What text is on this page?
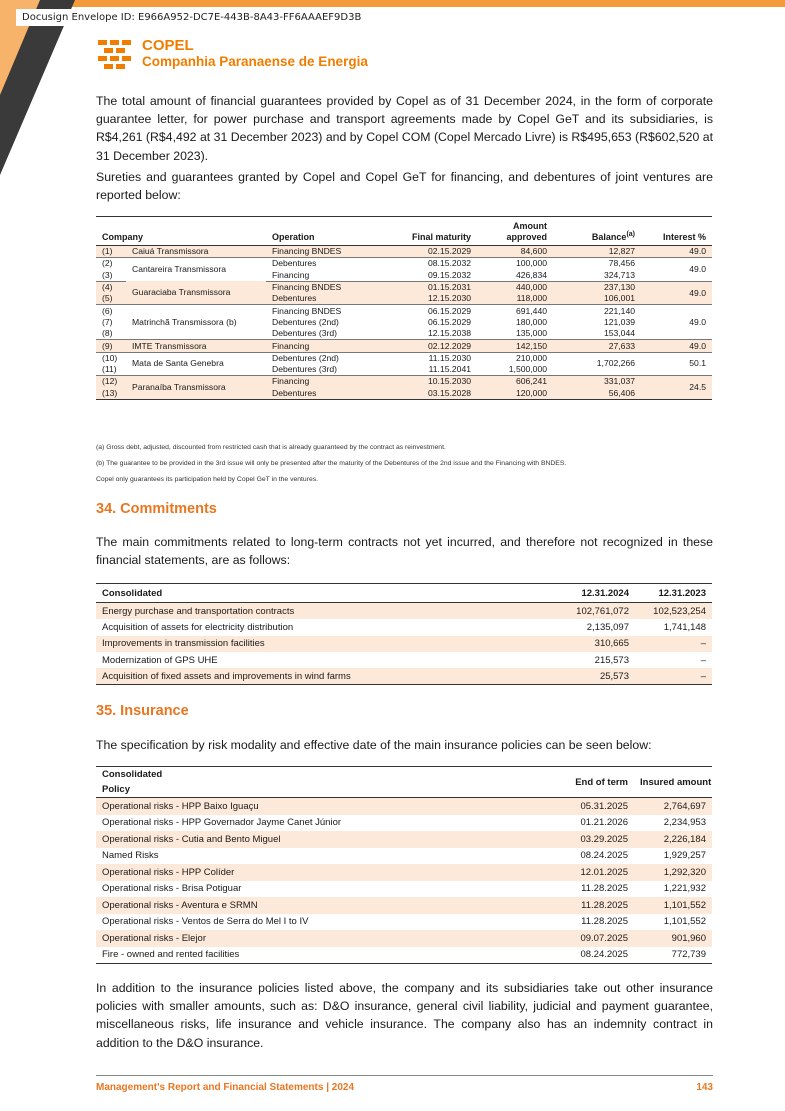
Docusign Envelope ID: E966A952-DC7E-443B-8A43-FF6AAAEF9D3B
COPEL
Companhia Paranaense de Energia

The total amount of financial guarantees provided by Copel as of 31 December 2024, in the form of corporate guarantee letter, for power purchase and transport agreements made by Copel GeT and its subsidiaries, is R$4,261 (R$4,492 at 31 December 2023) and by Copel COM (Copel Mercado Livre) is R$495,653 (R$602,520 at 31 December 2023).

Sureties and guarantees granted by Copel and Copel GeT for financing, and debentures of joint ventures are reported below:

Company		Operation	Final maturity	Amount approved	Balance$^{(a)}$	Interest %
(1)	Caiuá Transmissora	Financing BNDES	02.15.2029	84,600	12,827	49.0
(2)	Cantareira Transmissora	Debentures	08.15.2032	100,000	78,456	49.0
(3)		Financing	09.15.2032	426,834	324,713	
(4)	Guaraciaba Transmissora	Financing BNDES	01.15.2031	440,000	237,130	49.0
(5)		Debentures	12.15.2030	118,000	106,001	
(6)	Matrinchã Transmissora (b)	Financing BNDES	06.15.2029	691,440	221,140	49.0
(7)		Debentures (2nd)	06.15.2029	180,000	121,039	
(8)		Debentures (3rd)	12.15.2038	135,000	153,044	
(9)	IMTE Transmissora	Financing	02.12.2029	142,150	27,633	49.0
(10)	Mata de Santa Genebra	Debentures (2nd)	11.15.2030	210,000	1,702,266	50.1
(11)		Debentures (3rd)	11.15.2041	1,500,000		
(12)	Paranaíba Transmissora	Financing	10.15.2030	606,241	331,037	24.5
(13)		Debentures	03.15.2028	120,000	56,406	

(a) Gross debt, adjusted, discounted from restricted cash that is already guaranteed by the contract as reinvestment.

(b) The guarantee to be provided in the 3rd issue will only be presented after the maturity of the Debentures of the 2nd issue and the Financing with BNDES.

Copel only guarantees its participation held by Copel GeT in the ventures.

34. Commitments

The main commitments related to long-term contracts not yet incurred, and therefore not recognized in these financial statements, are as follows:

Consolidated	12.31.2024	12.31.2023
Energy purchase and transportation contracts	102,761,072	102,523,254
Acquisition of assets for electricity distribution	2,135,097	1,741,148
Improvements in transmission facilities	310,665	–
Modernization of GPS UHE	215,573	–
Acquisition of fixed assets and improvements in wind farms	25,573	–
35. Insurance

The specification by risk modality and effective date of the main insurance policies can be seen below:

Consolidated
Policy	End of term	Insured amount
Operational risks - HPP Baixo Iguaçu	05.31.2025	2,764,697
Operational risks - HPP Governador Jayme Canet Júnior	01.21.2026	2,234,953
Operational risks - Cutia and Bento Miguel	03.29.2025	2,226,184
Named Risks	08.24.2025	1,929,257
Operational risks - HPP Colíder	12.01.2025	1,292,320
Operational risks - Brisa Potiguar	11.28.2025	1,221,932
Operational risks - Aventura e SRMN	11.28.2025	1,101,552
Operational risks - Ventos de Serra do Mel I to IV	11.28.2025	1,101,552
Operational risks - Elejor	09.07.2025	901,960
Fire - owned and rented facilities	08.24.2025	772,739

In addition to the insurance policies listed above, the company and its subsidiaries take out other insurance policies with smaller amounts, such as: D&O insurance, general civil liability, judicial and payment guarantee, miscellaneous risks, life insurance and vehicle insurance. The company also has an indemnity contract in addition to the D&O insurance.

Management's Report and Financial Statements | 2024	143
